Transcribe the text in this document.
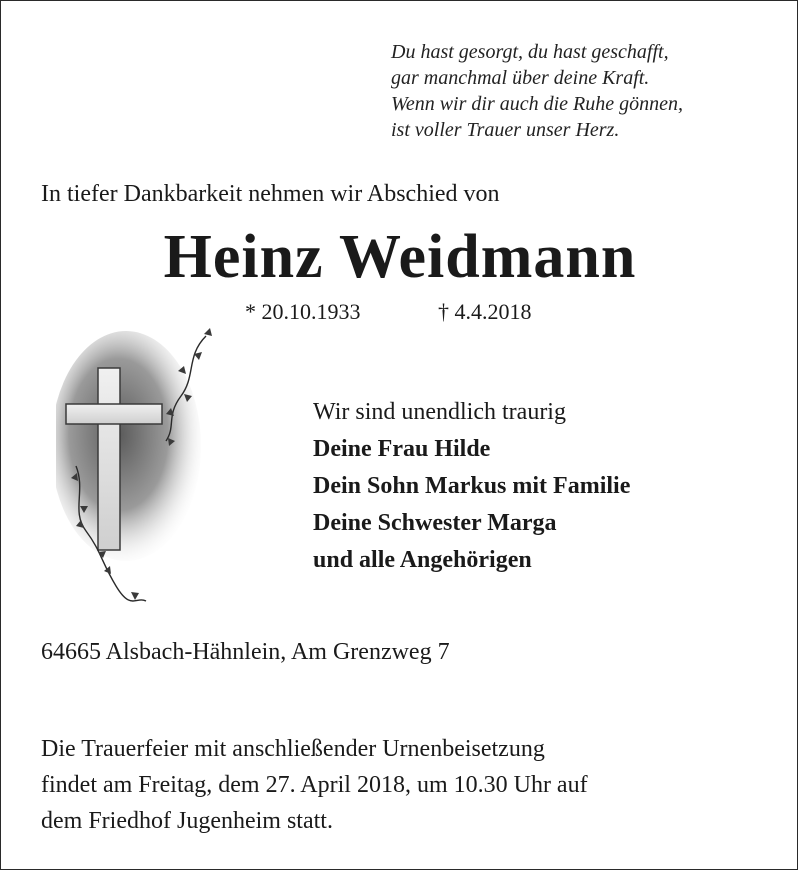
Du hast gesorgt, du hast geschafft,
gar manchmal über deine Kraft.
Wenn wir dir auch die Ruhe gönnen,
ist voller Trauer unser Herz.
In tiefer Dankbarkeit nehmen wir Abschied von
Heinz Weidmann
* 20.10.1933	† 4.4.2018
Wir sind unendlich traurig
Deine Frau Hilde
Dein Sohn Markus mit Familie
Deine Schwester Marga
und alle Angehörigen
64665 Alsbach-Hähnlein, Am Grenzweg 7
Die Trauerfeier mit anschließender Urnenbeisetzung
findet am Freitag, dem 27. April 2018, um 10.30 Uhr auf
dem Friedhof Jugenheim statt.
